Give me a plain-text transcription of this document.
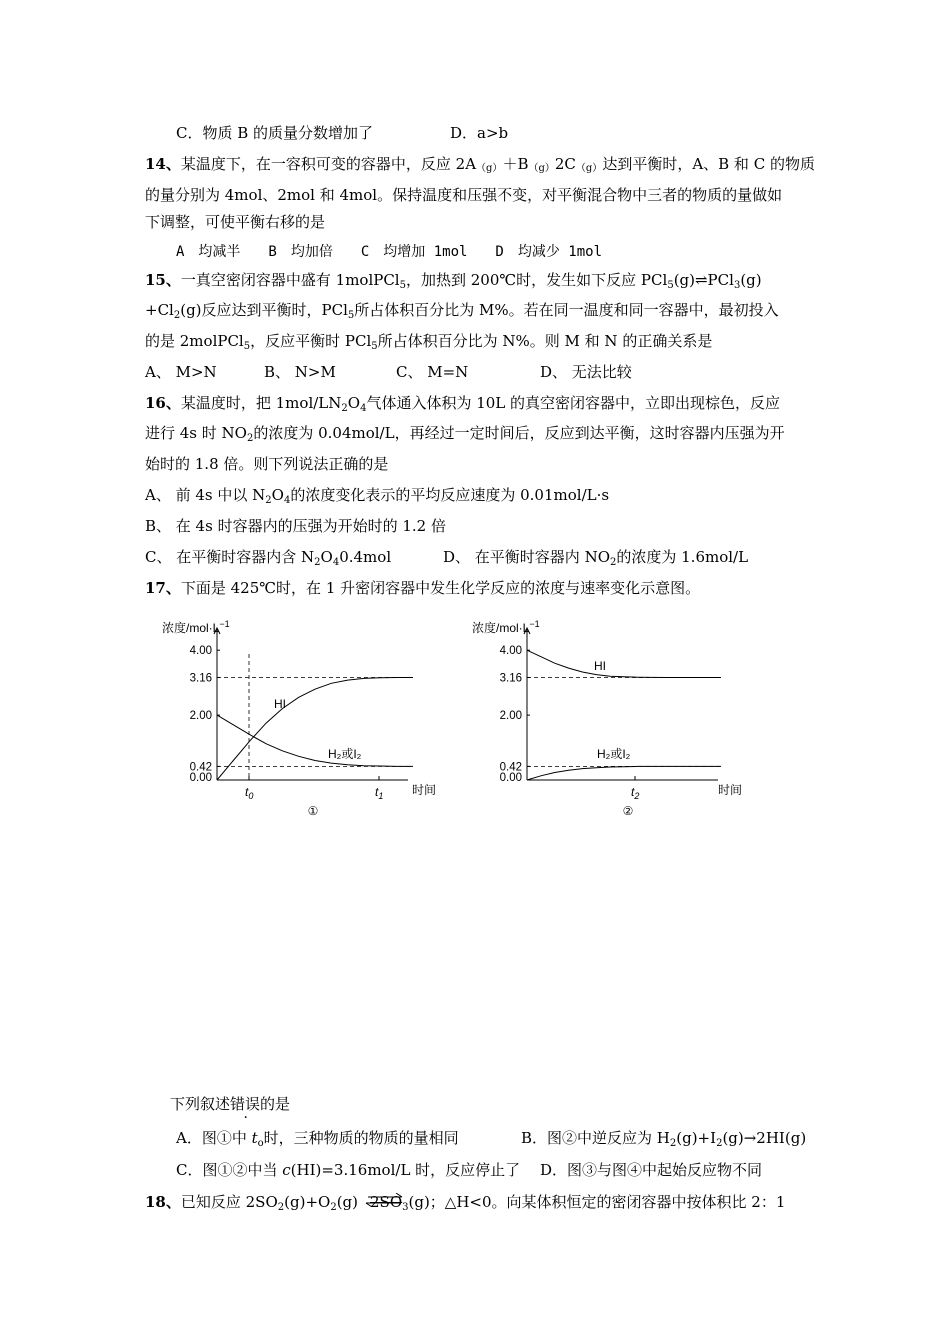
C．物质 B 的质量分数增加了	D．a>b
14、某温度下，在一容积可变的容器中，反应 2A（g）＋B（g）2C（g）达到平衡时，A、B 和 C 的物质
的量分别为 4mol、2mol 和 4mol。保持温度和压强不变，对平衡混合物中三者的物质的量做如
下调整，可使平衡右移的是
A　均减半　　B　均加倍　　C　均增加 1mol　　D　均减少 1mol
15、一真空密闭容器中盛有 1molPCl$_5$，加热到 200℃时，发生如下反应 PCl$_5$(g)⇌PCl$_3$(g)
$+Cl_2(g)$反应达到平衡时，PCl$_5$所占体积百分比为 M%。若在同一温度和同一容器中，最初投入
的是 2molPCl$_5$，反应平衡时 PCl$_5$所占体积百分比为 N%。则 M 和 N 的正确关系是
A、 M>N	B、 N>M	C、 M=N	D、 无法比较
16、某温度时，把 $1mol/LN_2O_4$气体通入体积为 10L 的真空密闭容器中，立即出现棕色，反应
进行 4s 时 $NO_2$的浓度为 0.04mol/L，再经过一定时间后，反应到达平衡，这时容器内压强为开
始时的 1.8 倍。则下列说法正确的是
A、 前 4s 中以 $N_2O_4$的浓度变化表示的平均反应速度为 0.01mol/L·s
B、 在 4s 时容器内的压强为开始时的 1.2 倍
C、 在平衡时容器内含 $N_2O_40.4mol$	D、 在平衡时容器内 $NO_2$的浓度为 1.6mol/L
17、下面是 425℃时，在 1 升密闭容器中发生化学反应的浓度与速率变化示意图。
浓度$/mol\cdot L^{-1}$
4.00
3.16
2.00
0.42
0.00
$t_0$	$t_1$
HI
H₂或I₂
时间
①
浓度$/mol\cdot L^{-1}$
4.00
3.16
2.00
0.42
0.00
$t_2$
HI
H₂或I₂
时间
②
下列叙述错误的是
A．图①中 $t_o$时，三种物质的物质的量相同	B．图②中逆反应为 $H_2(g)+I_2(g)\to 2HI(g)$
C．图①②中当 c(HI)=3.16mol/L 时，反应停止了 D．图③与图④中起始反应物不同
18、已知反应 $2SO_2(g)+O_2(g)$ $2SO_3(g)$；△H<0。向某体积恒定的密闭容器中按体积比 2：1
